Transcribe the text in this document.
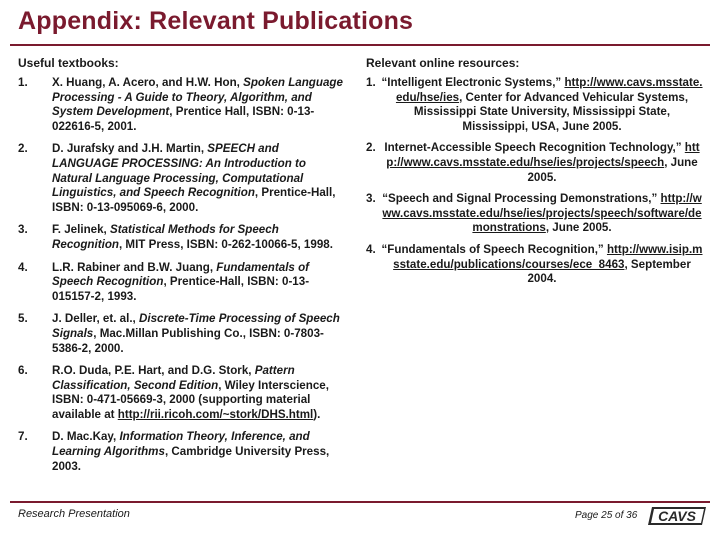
Appendix: Relevant Publications
Useful textbooks:	Relevant online resources:
1.	X. Huang, A. Acero, and H.W. Hon, Spoken Language Processing - A Guide to Theory, Algorithm, and System Development, Prentice Hall, ISBN: 0-13-022616-5, 2001.
2.	D. Jurafsky and J.H. Martin, SPEECH and LANGUAGE PROCESSING: An Introduction to Natural Language Processing, Computational Linguistics, and Speech Recognition, Prentice-Hall, ISBN: 0-13-095069-6, 2000.
3.	F. Jelinek, Statistical Methods for Speech Recognition, MIT Press, ISBN: 0-262-10066-5, 1998.
4.	L.R. Rabiner and B.W. Juang, Fundamentals of Speech Recognition, Prentice-Hall, ISBN: 0-13-015157-2, 1993.
5.	J. Deller, et. al., Discrete-Time Processing of Speech Signals, Mac.Millan Publishing Co., ISBN: 0-7803-5386-2, 2000.
6.	R.O. Duda, P.E. Hart, and D.G. Stork, Pattern Classification, Second Edition, Wiley Interscience, ISBN: 0-471-05669-3, 2000 (supporting material available at http://rii.ricoh.com/~stork/DHS.html).
7.	D. Mac.Kay, Information Theory, Inference, and Learning Algorithms, Cambridge University Press, 2003.
1. “Intelligent Electronic Systems,” http://www.cavs.msstate.edu/hse/ies, Center for Advanced Vehicular Systems, Mississippi State University, Mississippi State, Mississippi, USA, June 2005.
2. Internet-Accessible Speech Recognition Technology,” http://www.cavs.msstate.edu/hse/ies/projects/speech, June 2005.
3. “Speech and Signal Processing Demonstrations,” http://www.cavs.msstate.edu/hse/ies/projects/speech/software/demonstrations, June 2005.
4. “Fundamentals of Speech Recognition,” http://www.isip.msstate.edu/publications/courses/ece_8463, September 2004.
Research Presentation	Page 25 of 36 CAVS
